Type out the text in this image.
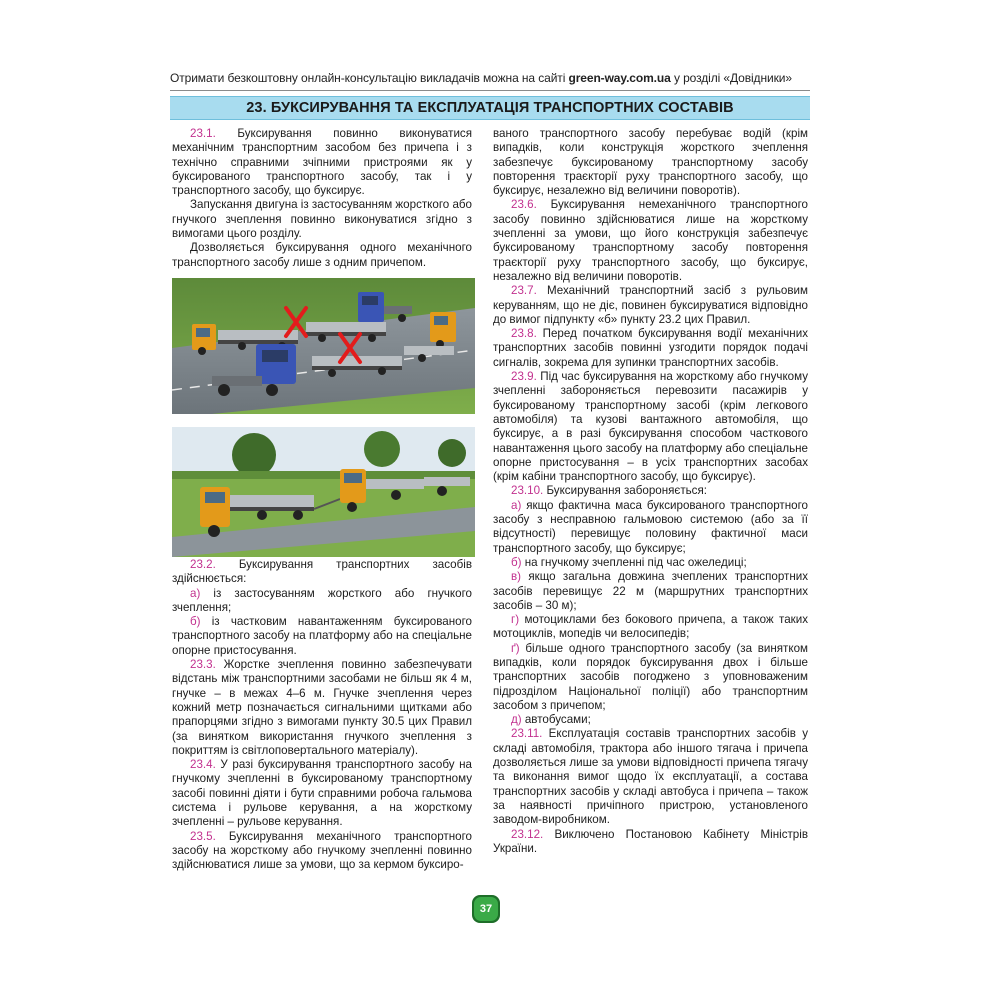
Отримати безкоштовну онлайн-консультацію викладачів можна на сайті green-way.com.ua у розділі «Довідники»
23. БУКСИРУВАННЯ ТА ЕКСПЛУАТАЦІЯ ТРАНСПОРТНИХ СОСТАВІВ

23.1. Буксирування повинно виконуватися механічним транспортним засобом без причепа і з технічно справними зчіпними пристроями як у буксированого транспортного засобу, так і у транспортного засобу, що буксирує.

Запускання двигуна із застосуванням жорсткого або гнучкого зчеплення повинно виконуватися згідно з вимогами цього розділу.

Дозволяється буксирування одного механічного транспортного засобу лише з одним причепом.

23.2. Буксирування транспортних засобів здійснюється:

а) із застосуванням жорсткого або гнучкого зчеплення;

б) із частковим навантаженням буксированого транспортного засобу на платформу або на спеціальне опорне пристосування.

23.3. Жорстке зчеплення повинно забезпечувати відстань між транспортними засобами не більш як 4 м, гнучке – в межах 4–6 м. Гнучке зчеплення через кожний метр позначається сигнальними щитками або прапорцями згідно з вимогами пункту 30.5 цих Правил (за винятком використання гнучкого зчеплення з покриттям із світлоповертального матеріалу).

23.4. У разі буксирування транспортного засобу на гнучкому зчепленні в буксированому транспортному засобі повинні діяти і бути справними робоча гальмова система і рульове керування, а на жорсткому зчепленні – рульове керування.

23.5. Буксирування механічного транспортного засобу на жорсткому або гнучкому зчепленні повинно здійснюватися лише за умови, що за кермом буксиро-

ваного транспортного засобу перебуває водій (крім випадків, коли конструкція жорсткого зчеплення забезпечує буксированому транспортному засобу повторення траєкторії руху транспортного засобу, що буксирує, незалежно від величини поворотів).

23.6. Буксирування немеханічного транспортного засобу повинно здійснюватися лише на жорсткому зчепленні за умови, що його конструкція забезпечує буксированому транспортному засобу повторення траєкторії руху транспортного засобу, що буксирує, незалежно від величини поворотів.

23.7. Механічний транспортний засіб з рульовим керуванням, що не діє, повинен буксируватися відповідно до вимог підпункту «б» пункту 23.2 цих Правил.

23.8. Перед початком буксирування водії механічних транспортних засобів повинні узгодити порядок подачі сигналів, зокрема для зупинки транспортних засобів.

23.9. Під час буксирування на жорсткому або гнучкому зчепленні забороняється перевозити пасажирів у буксированому транспортному засобі (крім легкового автомобіля) та кузові вантажного автомобіля, що буксирує, а в разі буксирування способом часткового навантаження цього засобу на платформу або спеціальне опорне пристосування – в усіх транспортних засобах (крім кабіни транспортного засобу, що буксирує).

23.10. Буксирування забороняється:

а) якщо фактична маса буксированого транспортного засобу з несправною гальмовою системою (або за її відсутності) перевищує половину фактичної маси транспортного засобу, що буксирує;

б) на гнучкому зчепленні під час ожеледиці;

в) якщо загальна довжина зчеплених транспортних засобів перевищує 22 м (маршрутних транспортних засобів – 30 м);

г) мотоциклами без бокового причепа, а також таких мотоциклів, мопедів чи велосипедів;

ґ) більше одного транспортного засобу (за винятком випадків, коли порядок буксирування двох і більше транспортних засобів погоджено з уповноваженим підрозділом Національної поліції) або транспортним засобом з причепом;

д) автобусами;

23.11. Експлуатація составів транспортних засобів у складі автомобіля, трактора або іншого тягача і причепа дозволяється лише за умови відповідності причепа тягачу та виконання вимог щодо їх експлуатації, а состава транспортних засобів у складі автобуса і причепа – також за наявності причіпного пристрою, установленого заводом-виробником.

23.12. Виключено Постановою Кабінету Міністрів України.

37
